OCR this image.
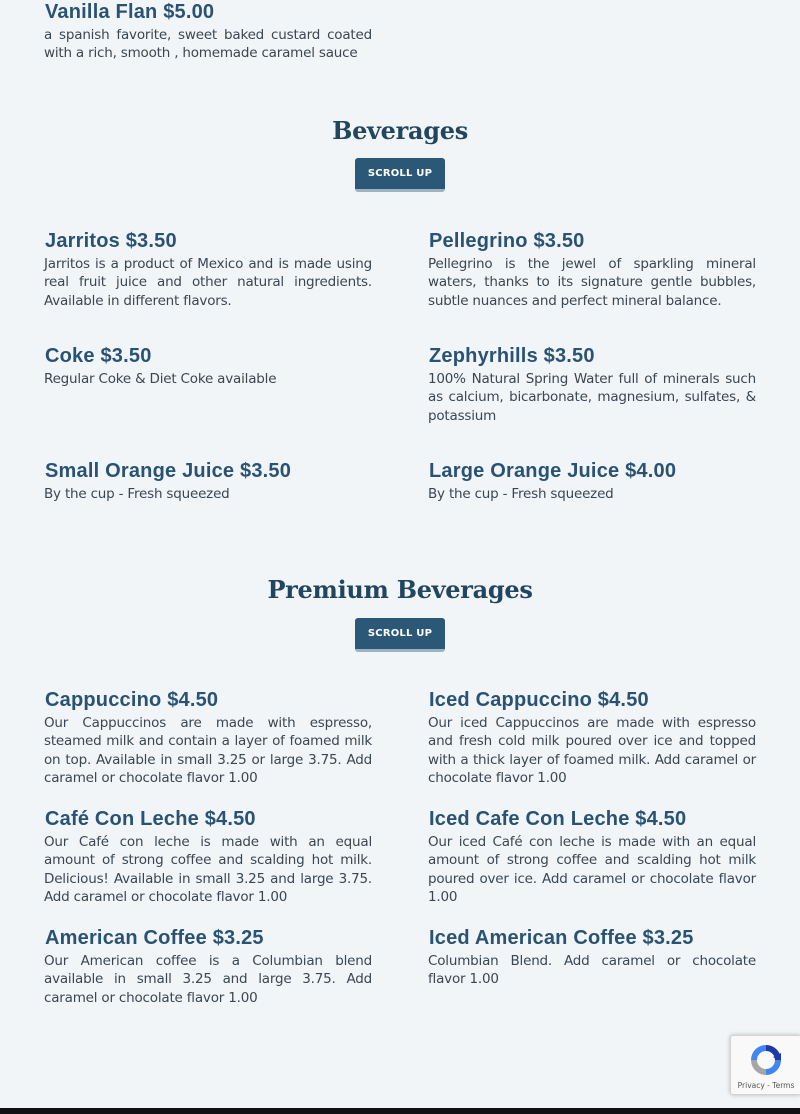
Vanilla Flan $5.00

a spanish favorite, sweet baked custard coated with a rich, smooth , homemade caramel sauce

Beverages
SCROLL UP
Jarritos $3.50

Jarritos is a product of Mexico and is made using real fruit juice and other natural ingredients. Available in different flavors.

Pellegrino $3.50

Pellegrino is the jewel of sparkling mineral waters, thanks to its signature gentle bubbles, subtle nuances and perfect mineral balance.

Coke $3.50

Regular Coke & Diet Coke available

Zephyrhills $3.50

100% Natural Spring Water full of minerals such as calcium, bicarbonate, magnesium, sulfates, & potassium

Small Orange Juice $3.50

By the cup - Fresh squeezed

Large Orange Juice $4.00

By the cup - Fresh squeezed

Premium Beverages
SCROLL UP
Cappuccino $4.50

Our Cappuccinos are made with espresso, steamed milk and contain a layer of foamed milk on top. Available in small 3.25 or large 3.75. Add caramel or chocolate flavor 1.00

Iced Cappuccino $4.50

Our iced Cappuccinos are made with espresso and fresh cold milk poured over ice and topped with a thick layer of foamed milk. Add caramel or chocolate flavor 1.00

Café Con Leche $4.50

Our Café con leche is made with an equal amount of strong coffee and scalding hot milk. Delicious! Available in small 3.25 and large 3.75. Add caramel or chocolate flavor 1.00

Iced Cafe Con Leche $4.50

Our iced Café con leche is made with an equal amount of strong coffee and scalding hot milk poured over ice. Add caramel or chocolate flavor 1.00

American Coffee $3.25

Our American coffee is a Columbian blend available in small 3.25 and large 3.75. Add caramel or chocolate flavor 1.00

Iced American Coffee $3.25

Columbian Blend. Add caramel or chocolate flavor 1.00

Privacy - Terms
